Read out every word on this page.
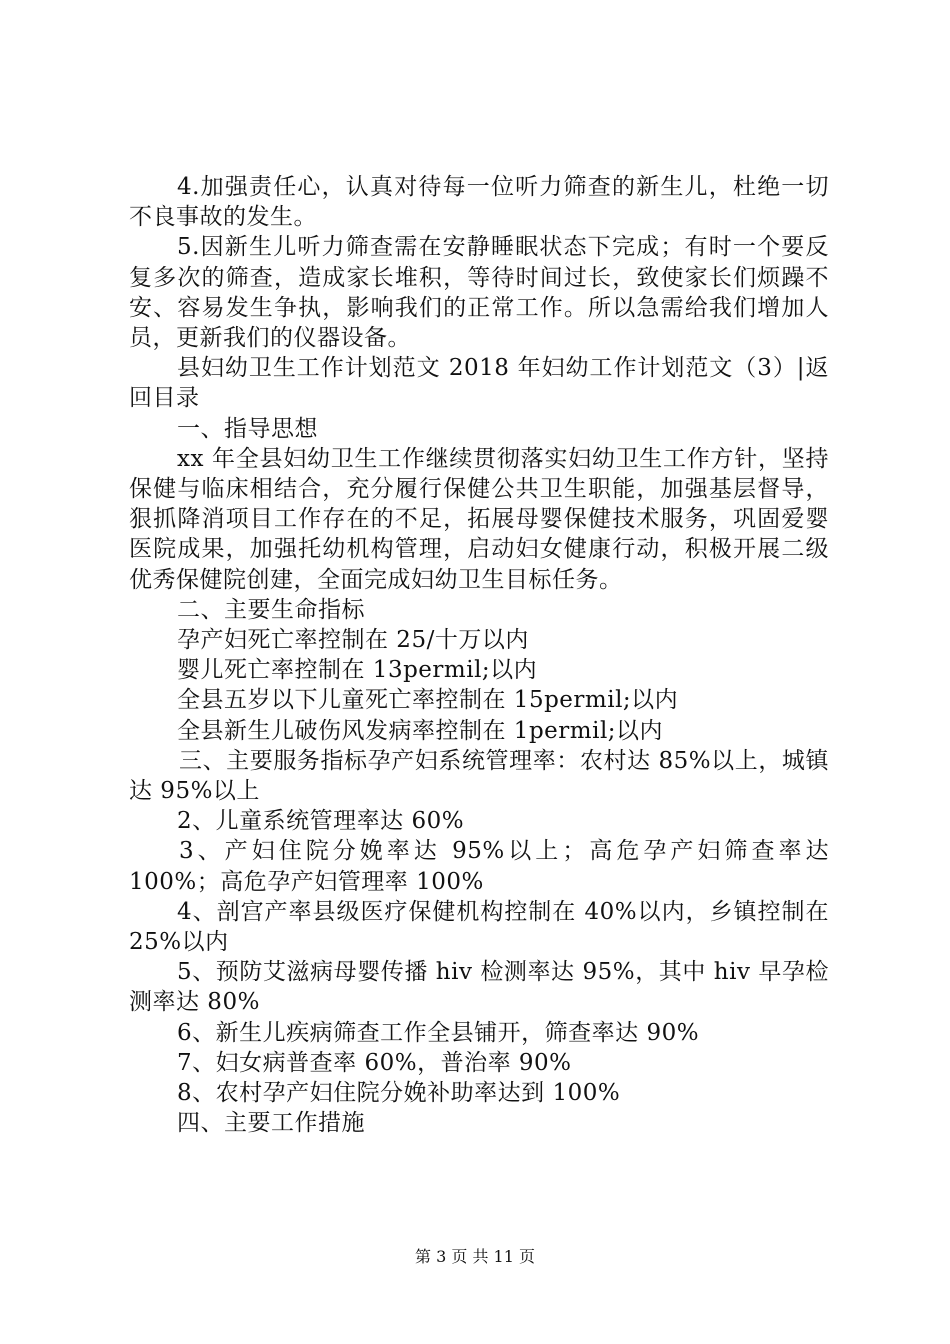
4.加强责任心，认真对待每一位听力筛查的新生儿，杜绝一切不良事故的发生。

5.因新生儿听力筛查需在安静睡眠状态下完成；有时一个要反复多次的筛查，造成家长堆积，等待时间过长，致使家长们烦躁不安、容易发生争执，影响我们的正常工作。所以急需给我们增加人员，更新我们的仪器设备。

县妇幼卫生工作计划范文 2018 年妇幼工作计划范文（3）|返回目录

一、指导思想

xx 年全县妇幼卫生工作继续贯彻落实妇幼卫生工作方针，坚持保健与临床相结合，充分履行保健公共卫生职能，加强基层督导，狠抓降消项目工作存在的不足，拓展母婴保健技术服务，巩固爱婴医院成果，加强托幼机构管理，启动妇女健康行动，积极开展二级优秀保健院创建，全面完成妇幼卫生目标任务。

二、主要生命指标

孕产妇死亡率控制在 25/十万以内

婴儿死亡率控制在 13permil;以内

全县五岁以下儿童死亡率控制在 15permil;以内

全县新生儿破伤风发病率控制在 1permil;以内

三、主要服务指标孕产妇系统管理率：农村达 85%以上，城镇达 95%以上

2、儿童系统管理率达 60%

3、产妇住院分娩率达 95%以上；高危孕产妇筛查率达 100%；高危孕产妇管理率 100%

4、剖宫产率县级医疗保健机构控制在 40%以内，乡镇控制在 25%以内

5、预防艾滋病母婴传播 hiv 检测率达 95%，其中 hiv 早孕检测率达 80%

6、新生儿疾病筛查工作全县铺开，筛查率达 90%

7、妇女病普查率 60%，普治率 90%

8、农村孕产妇住院分娩补助率达到 100%

四、主要工作措施

第 3 页 共 11 页
